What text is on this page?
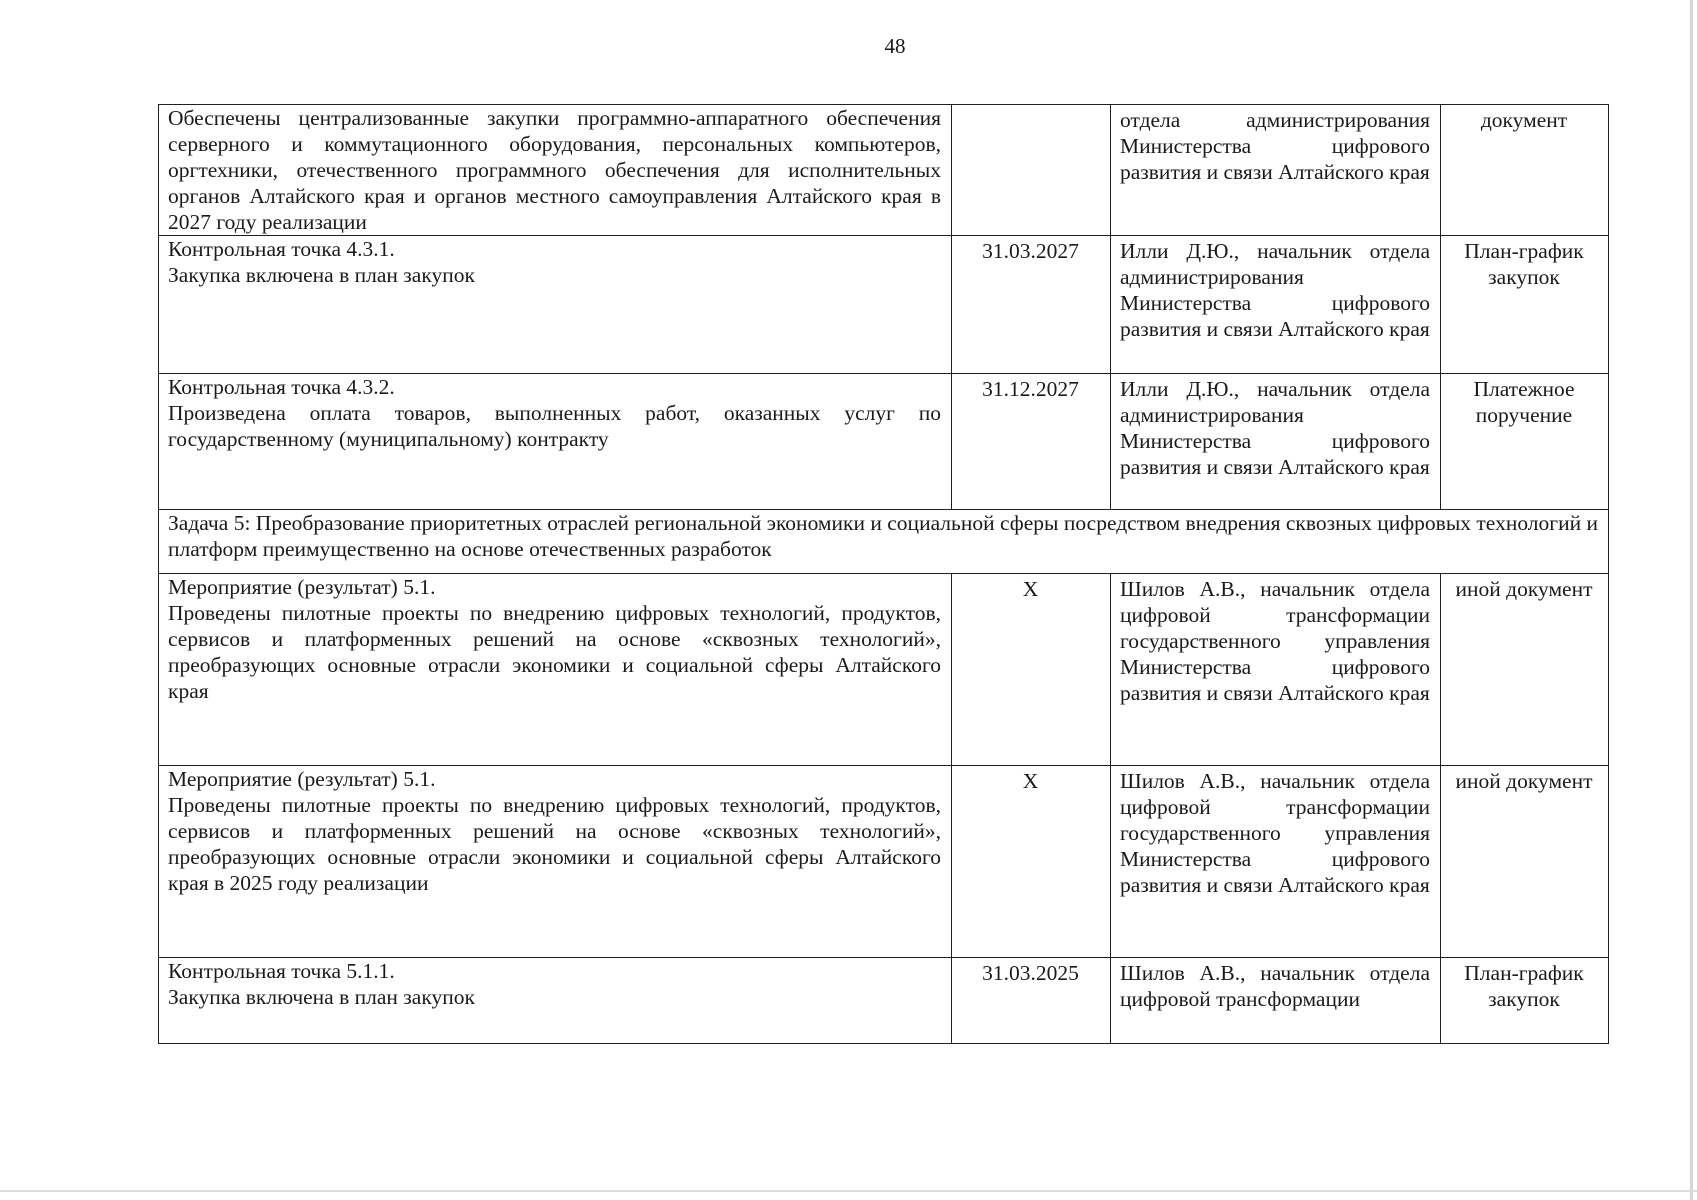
48
Обеспечены централизованные закупки программно-аппаратного обеспечения серверного и коммутационного оборудования, персональных компьютеров, оргтехники, отечественного программного обеспечения для исполнительных органов Алтайского края и органов местного самоуправления Алтайского края в 2027 году реализации		отдела администрирования Министерства цифрового развития и связи Алтайского края	документ

Контрольная точка 4.3.1.
Закупка включена в план закупок	31.03.2027	Илли Д.Ю., начальник отдела администрирования Министерства цифрового развития и связи Алтайского края	План-график закупок

Контрольная точка 4.3.2.
Произведена оплата товаров, выполненных работ, оказанных услуг по государственному (муниципальному) контракту	31.12.2027	Илли Д.Ю., начальник отдела администрирования Министерства цифрового развития и связи Алтайского края	Платежное поручение
Задача 5: Преобразование приоритетных отраслей региональной экономики и социальной сферы посредством внедрения сквозных цифровых технологий и платформ преимущественно на основе отечественных разработок			

Мероприятие (результат) 5.1.
Проведены пилотные проекты по внедрению цифровых технологий, продуктов, сервисов и платформенных решений на основе «сквозных технологий», преобразующих основные отрасли экономики и социальной сферы Алтайского края	Х	Шилов А.В., начальник отдела цифровой трансформации государственного управления Министерства цифрового развития и связи Алтайского края	иной документ

Мероприятие (результат) 5.1.
Проведены пилотные проекты по внедрению цифровых технологий, продуктов, сервисов и платформенных решений на основе «сквозных технологий», преобразующих основные отрасли экономики и социальной сферы Алтайского края в 2025 году реализации	Х	Шилов А.В., начальник отдела цифровой трансформации государственного управления Министерства цифрового развития и связи Алтайского края	иной документ

Контрольная точка 5.1.1.
Закупка включена в план закупок	31.03.2025	Шилов А.В., начальник отдела цифровой трансформации	План-график закупок
